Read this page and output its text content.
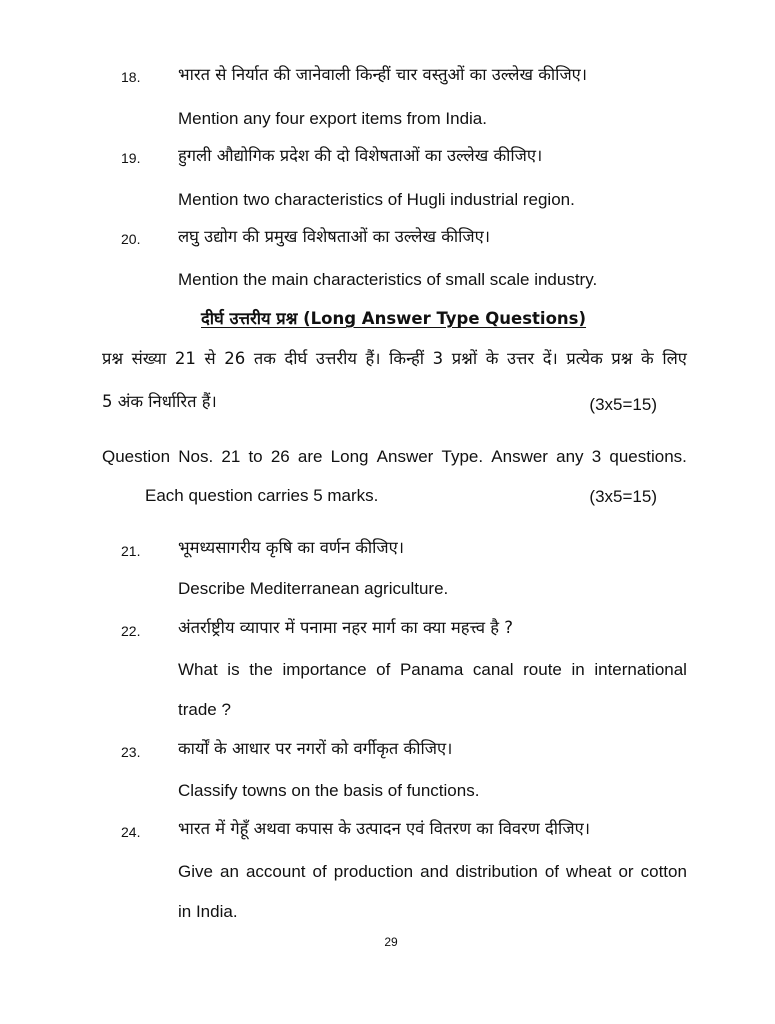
18. भारत से निर्यात की जानेवाली किन्हीं चार वस्तुओं का उल्लेख कीजिए।
Mention any four export items from India.
19. हुगली औद्योगिक प्रदेश की दो विशेषताओं का उल्लेख कीजिए।
Mention two characteristics of Hugli industrial region.
20. लघु उद्योग की प्रमुख विशेषताओं का उल्लेख कीजिए।
Mention the main characteristics of small scale industry.
दीर्घ उत्तरीय प्रश्न (Long Answer Type Questions)
प्रश्न संख्या 21 से 26 तक दीर्घ उत्तरीय हैं। किन्हीं 3 प्रश्नों के उत्तर दें। प्रत्येक प्रश्न के लिए
5 अंक निर्धारित हैं।	(3x5=15)
Question Nos. 21 to 26 are Long Answer Type. Answer any 3 questions.
Each question carries 5 marks.	(3x5=15)
21. भूमध्यसागरीय कृषि का वर्णन कीजिए।
Describe Mediterranean agriculture.
22. अंतर्राष्ट्रीय व्यापार में पनामा नहर मार्ग का क्या महत्त्व है ?
What is the importance of Panama canal route in international
trade ?
23. कार्यों के आधार पर नगरों को वर्गीकृत कीजिए।
Classify towns on the basis of functions.
24. भारत में गेहूँ अथवा कपास के उत्पादन एवं वितरण का विवरण दीजिए।
Give an account of production and distribution of wheat or cotton
in India.
29
